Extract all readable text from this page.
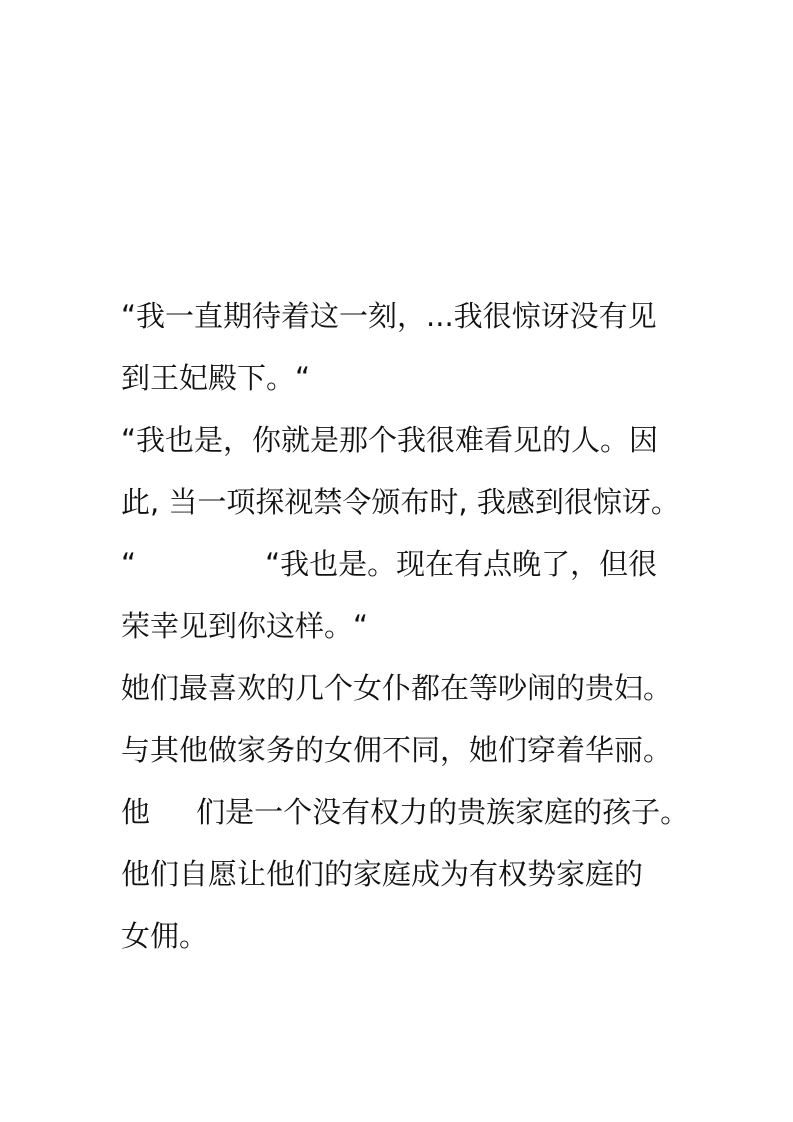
“我一直期待着这一刻，...我很惊讶没有见
到王妃殿下。“
“我也是，你就是那个我很难看见的人。因
此, 当一项探视禁令颁布时, 我感到很惊讶。
“              “我也是。现在有点晚了，但很
荣幸见到你这样。“
她们最喜欢的几个女仆都在等吵闹的贵妇。
与其他做家务的女佣不同，她们穿着华丽。
他     们是一个没有权力的贵族家庭的孩子。
他们自愿让他们的家庭成为有权势家庭的
女佣。
